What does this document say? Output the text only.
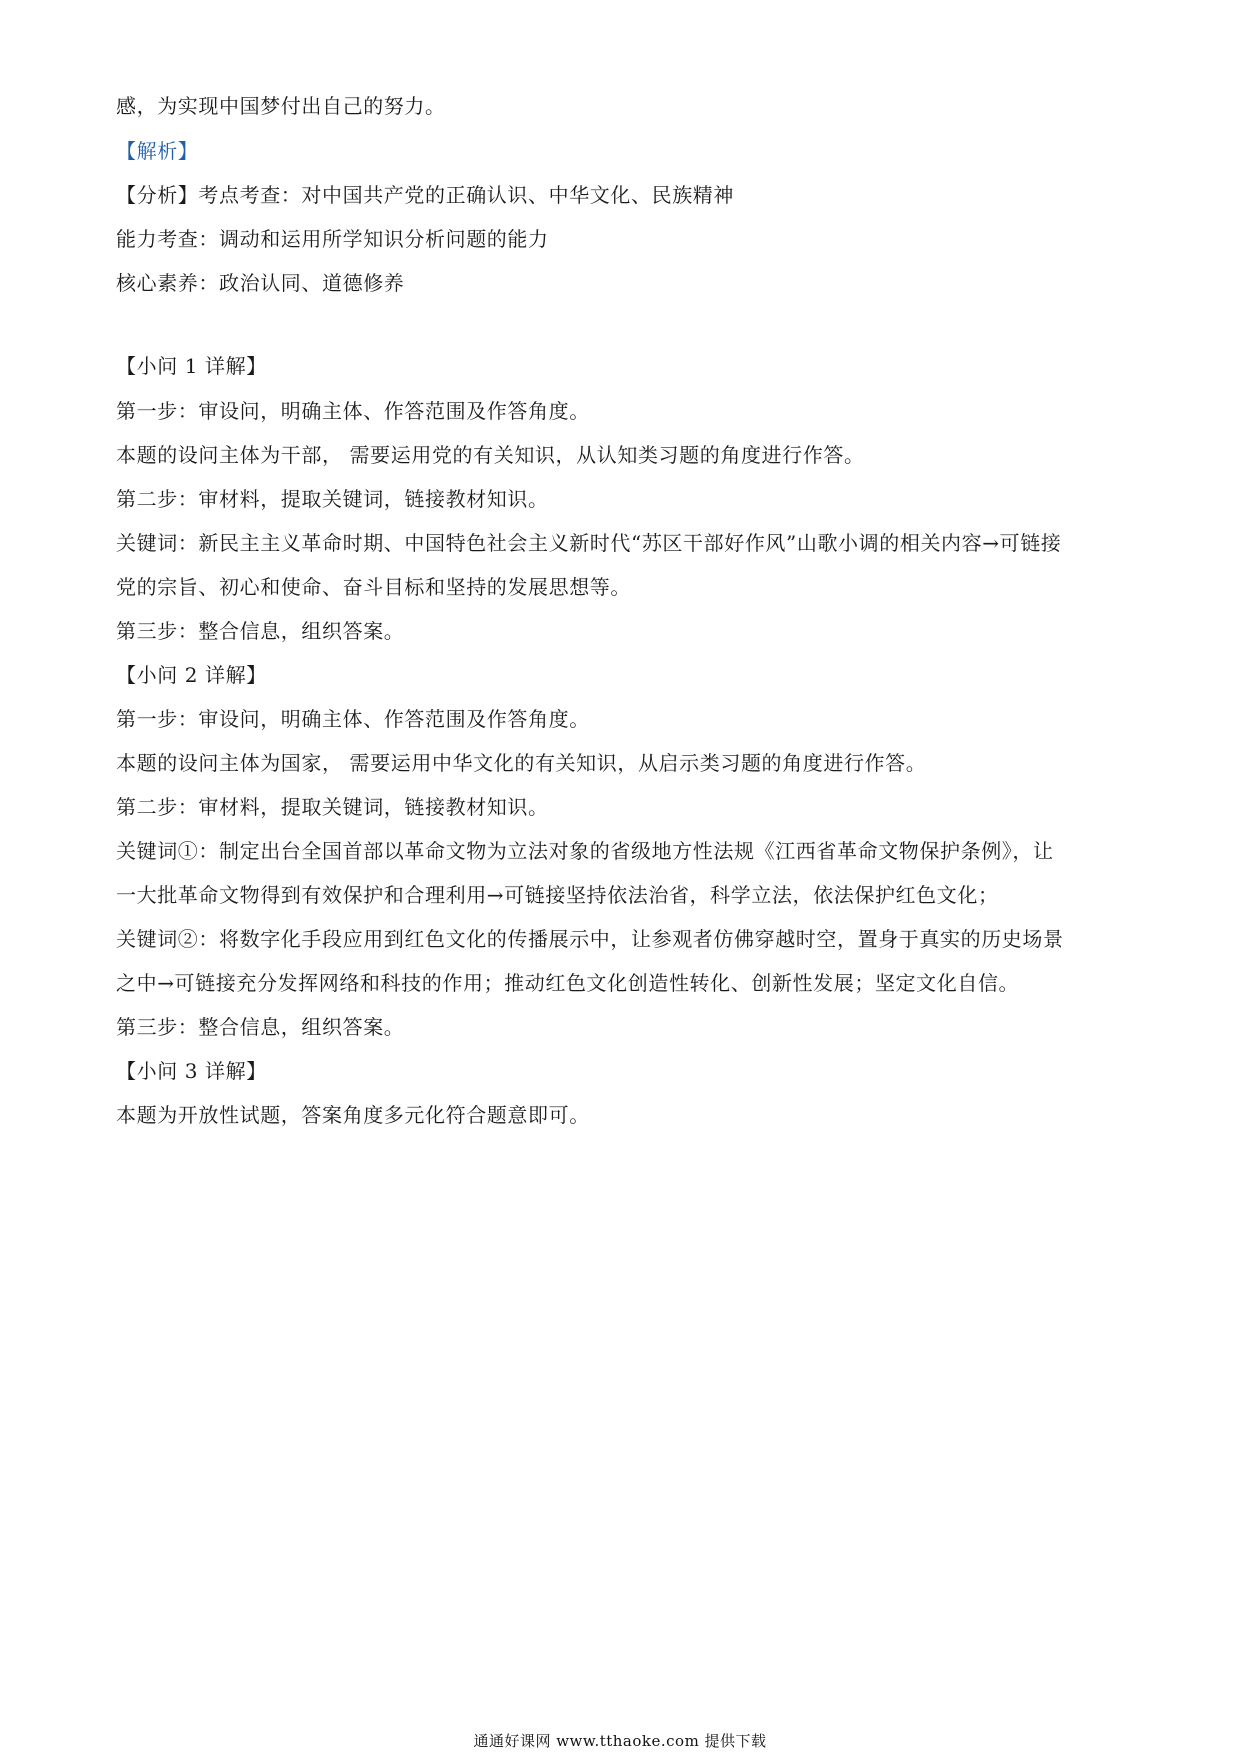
感，为实现中国梦付出自己的努力。
【解析】
【分析】考点考查：对中国共产党的正确认识、中华文化、民族精神
能力考查：调动和运用所学知识分析问题的能力
核心素养：政治认同、道德修养
【小问 1 详解】
第一步：审设问，明确主体、作答范围及作答角度。
本题的设问主体为干部， 需要运用党的有关知识，从认知类习题的角度进行作答。
第二步：审材料，提取关键词，链接教材知识。
关键词：新民主主义革命时期、中国特色社会主义新时代“苏区干部好作风”山歌小调的相关内容→可链接
党的宗旨、初心和使命、奋斗目标和坚持的发展思想等。
第三步：整合信息，组织答案。
【小问 2 详解】
第一步：审设问，明确主体、作答范围及作答角度。
本题的设问主体为国家， 需要运用中华文化的有关知识，从启示类习题的角度进行作答。
第二步：审材料，提取关键词，链接教材知识。
关键词①：制定出台全国首部以革命文物为立法对象的省级地方性法规《江西省革命文物保护条例》，让
一大批革命文物得到有效保护和合理利用→可链接坚持依法治省，科学立法，依法保护红色文化；
关键词②：将数字化手段应用到红色文化的传播展示中，让参观者仿佛穿越时空，置身于真实的历史场景
之中→可链接充分发挥网络和科技的作用；推动红色文化创造性转化、创新性发展；坚定文化自信。
第三步：整合信息，组织答案。
【小问 3 详解】
本题为开放性试题，答案角度多元化符合题意即可。
通通好课网 www.tthaoke.com 提供下载
